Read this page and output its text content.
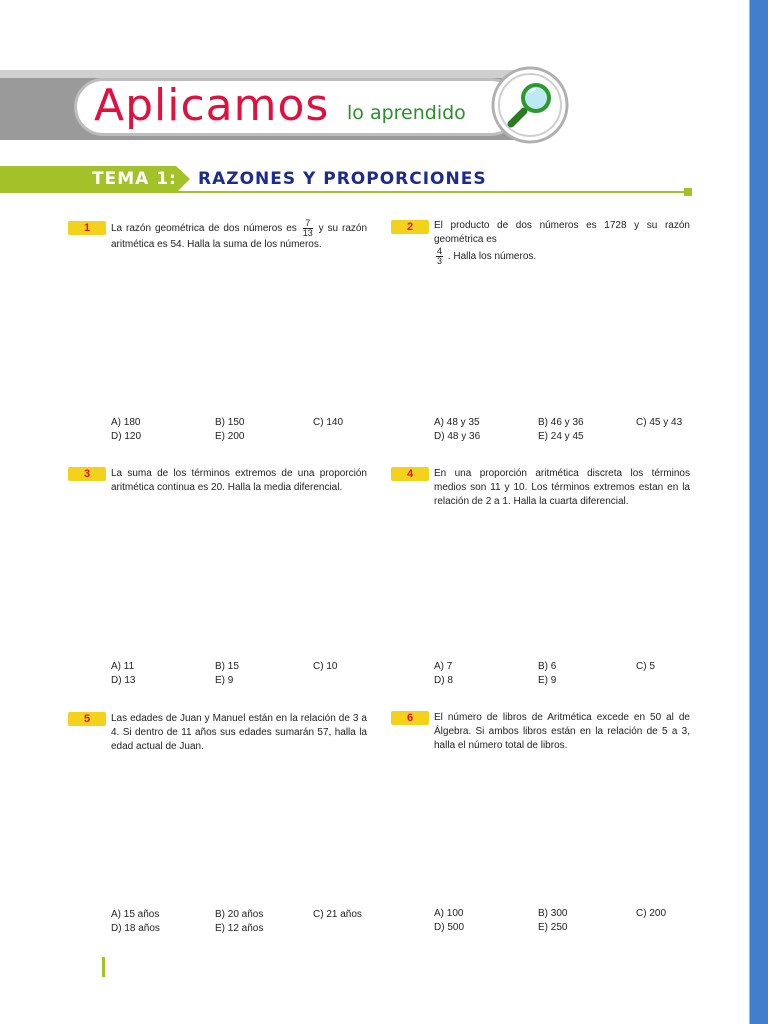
Aplicamos lo aprendido
TEMA 1: RAZONES Y PROPORCIONES
1	La razón geométrica de dos números es $\frac{7}{13}$ y su razón aritmética es 54. Halla la suma de los números.
A) 180	B) 150	C) 140
D) 120	E) 200
2	El producto de dos números es 1728 y su razón geométrica es

$\frac{4}{3}$ . Halla los números.
A) 48 y 35	B) 46 y 36	C) 45 y 43
D) 48 y 36	E) 24 y 45
3	La suma de los términos extremos de una proporción aritmética continua es 20. Halla la media diferencial.
A) 11	B) 15	C) 10
D) 13	E) 9
4	En una proporción aritmética discreta los términos medios son 11 y 10. Los términos extremos estan en la relación de 2 a 1. Halla la cuarta diferencial.
A) 7	B) 6	C) 5
D) 8	E) 9
5	Las edades de Juan y Manuel están en la relación de 3 a 4. Si dentro de 11 años sus edades sumarán 57, halla la edad actual de Juan.
A) 15 años	B) 20 años	C) 21 años
D) 18 años	E) 12 años
6	El número de libros de Aritmética excede en 50 al de Álgebra. Si ambos libros están en la relación de 5 a 3, halla el número total de libros.
A) 100	B) 300	C) 200
D) 500	E) 250
